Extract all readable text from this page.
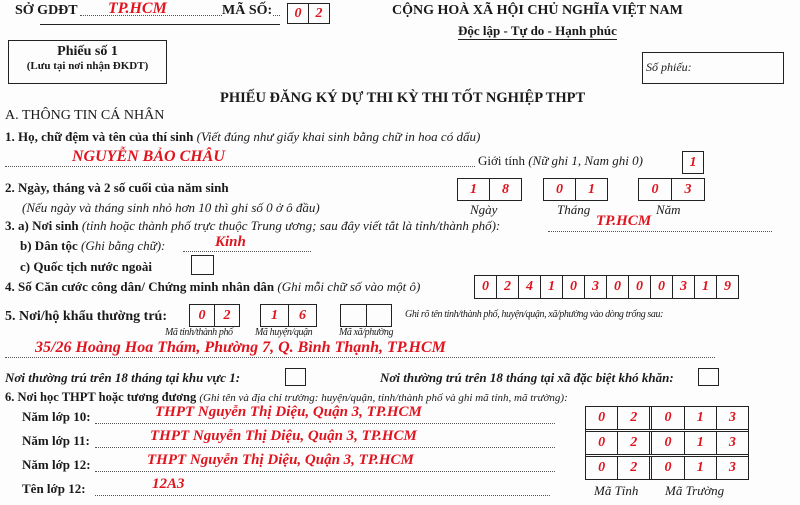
SỞ GDĐT TP.HCM	MÃ SỐ:	0	2	CỘNG HOÀ XÃ HỘI CHỦ NGHĨA VIỆT NAM
Độc lập - Tự do - Hạnh phúc
Phiếu số 1
(Lưu tại nơi nhận ĐKDT)	Số phiếu:
PHIẾU ĐĂNG KÝ DỰ THI KỲ THI TỐT NGHIỆP THPT
A. THÔNG TIN CÁ NHÂN
1. Họ, chữ đệm và tên của thí sinh (Viết đúng như giấy khai sinh bằng chữ in hoa có dấu)
NGUYỄN BẢO CHÂU	Giới tính (Nữ ghi 1, Nam ghi 0)	1
2. Ngày, tháng và 2 số cuối của năm sinh
(Nếu ngày và tháng sinh nhỏ hơn 10 thì ghi số 0 ở ô đầu)
1	8	0	1	0	3
Ngày	Tháng	Năm
3. a) Nơi sinh (tỉnh hoặc thành phố trực thuộc Trung ương; sau đây viết tắt là tỉnh/thành phố):	TP.HCM
b) Dân tộc (Ghi bằng chữ):	Kinh
c) Quốc tịch nước ngoài
4. Số Căn cước công dân/ Chứng minh nhân dân (Ghi mỗi chữ số vào một ô)	0	2	4	1	0	3	0	0	0	3	1	9
5. Nơi/hộ khẩu thường trú:	0	2	1	6	Ghi rõ tên tỉnh/thành phố, huyện/quận, xã/phường vào dòng trống sau:
Mã tỉnh/thành phố Mã huyện/quận	Mã xã/phường
35/26 Hoàng Hoa Thám, Phường 7, Q. Bình Thạnh, TP.HCM
Nơi thường trú trên 18 tháng tại khu vực 1:	Nơi thường trú trên 18 tháng tại xã đặc biệt khó khăn:
6. Nơi học THPT hoặc tương đương (Ghi tên và địa chỉ trường: huyện/quận, tỉnh/thành phố và ghi mã tỉnh, mã trường):
Năm lớp 10:	THPT Nguyễn Thị Diệu, Quận 3, TP.HCM
Năm lớp 11:	THPT Nguyễn Thị Diệu, Quận 3, TP.HCM
Năm lớp 12:	THPT Nguyễn Thị Diệu, Quận 3, TP.HCM
Tên lớp 12:	12A3
0	2	0	1	3
0	2	0	1	3
0	2	0	1	3
Mã Tỉnh Mã Trường
